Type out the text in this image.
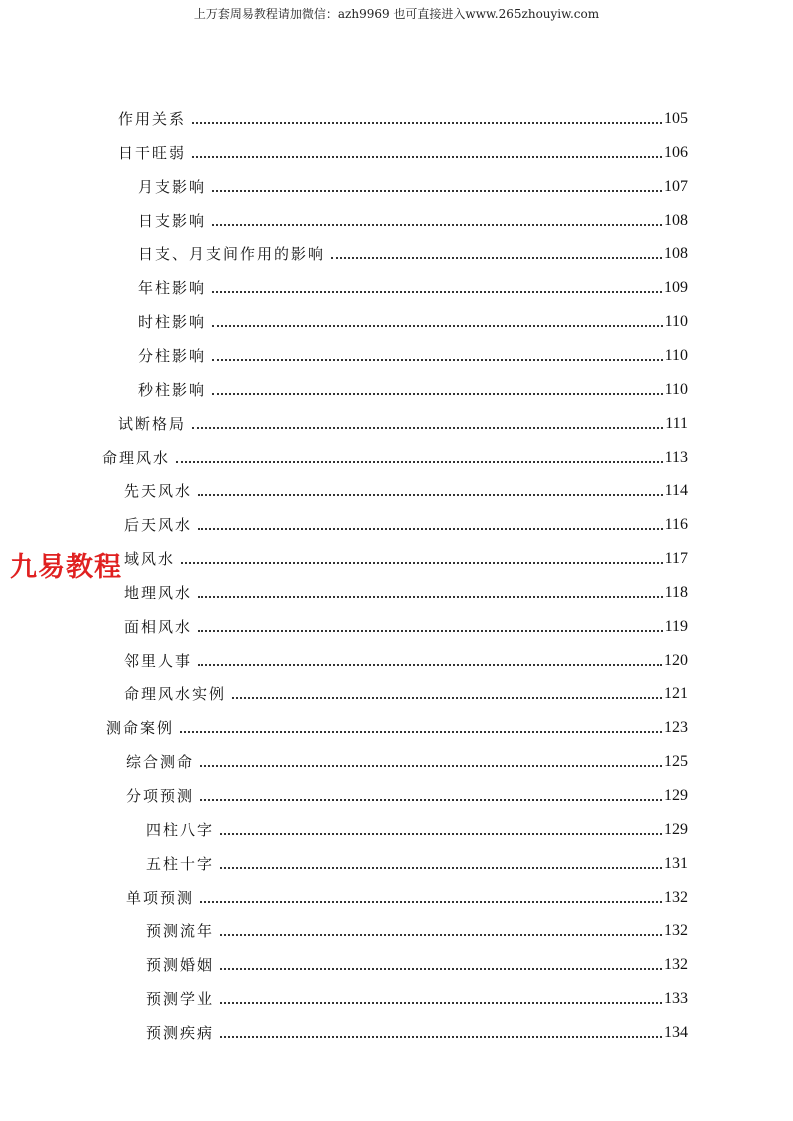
上万套周易教程请加微信：azh9969 也可直接进入www.265zhouyiw.com
作用关系	105
日干旺弱	106
月支影响	107
日支影响	108
日支、月支间作用的影响	108
年柱影响	109
时柱影响	110
分柱影响	110
秒柱影响	110
试断格局	111
命理风水	113
先天风水	114
后天风水	116
域风水	117
地理风水	118
面相风水	119
邻里人事	120
命理风水实例	121
测命案例	123
综合测命	125
分项预测	129
四柱八字	129
五柱十字	131
单项预测	132
预测流年	132
预测婚姻	132
预测学业	133
预测疾病	134
九易教程
